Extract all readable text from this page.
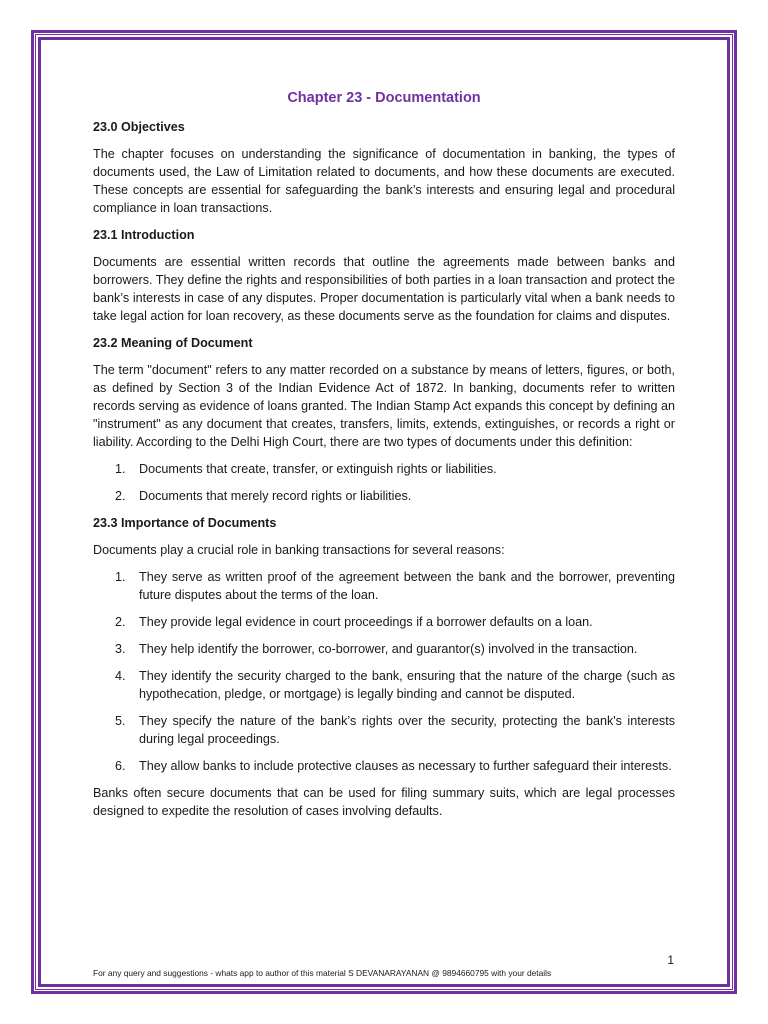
Chapter 23 - Documentation
23.0 Objectives

The chapter focuses on understanding the significance of documentation in banking, the types of documents used, the Law of Limitation related to documents, and how these documents are executed. These concepts are essential for safeguarding the bank’s interests and ensuring legal and procedural compliance in loan transactions.

23.1 Introduction

Documents are essential written records that outline the agreements made between banks and borrowers. They define the rights and responsibilities of both parties in a loan transaction and protect the bank’s interests in case of any disputes. Proper documentation is particularly vital when a bank needs to take legal action for loan recovery, as these documents serve as the foundation for claims and disputes.

23.2 Meaning of Document

The term "document" refers to any matter recorded on a substance by means of letters, figures, or both, as defined by Section 3 of the Indian Evidence Act of 1872. In banking, documents refer to written records serving as evidence of loans granted. The Indian Stamp Act expands this concept by defining an "instrument" as any document that creates, transfers, limits, extends, extinguishes, or records a right or liability. According to the Delhi High Court, there are two types of documents under this definition:

1. Documents that create, transfer, or extinguish rights or liabilities.
2. Documents that merely record rights or liabilities.
23.3 Importance of Documents

Documents play a crucial role in banking transactions for several reasons:

1. They serve as written proof of the agreement between the bank and the borrower, preventing future disputes about the terms of the loan.
2. They provide legal evidence in court proceedings if a borrower defaults on a loan.
3. They help identify the borrower, co-borrower, and guarantor(s) involved in the transaction.
4. They identify the security charged to the bank, ensuring that the nature of the charge (such as hypothecation, pledge, or mortgage) is legally binding and cannot be disputed.
5. They specify the nature of the bank’s rights over the security, protecting the bank's interests during legal proceedings.
6. They allow banks to include protective clauses as necessary to further safeguard their interests.

Banks often secure documents that can be used for filing summary suits, which are legal processes designed to expedite the resolution of cases involving defaults.

1
For any query and suggestions - whats app to author of this material S DEVANARAYANAN @ 9894660795 with your details
